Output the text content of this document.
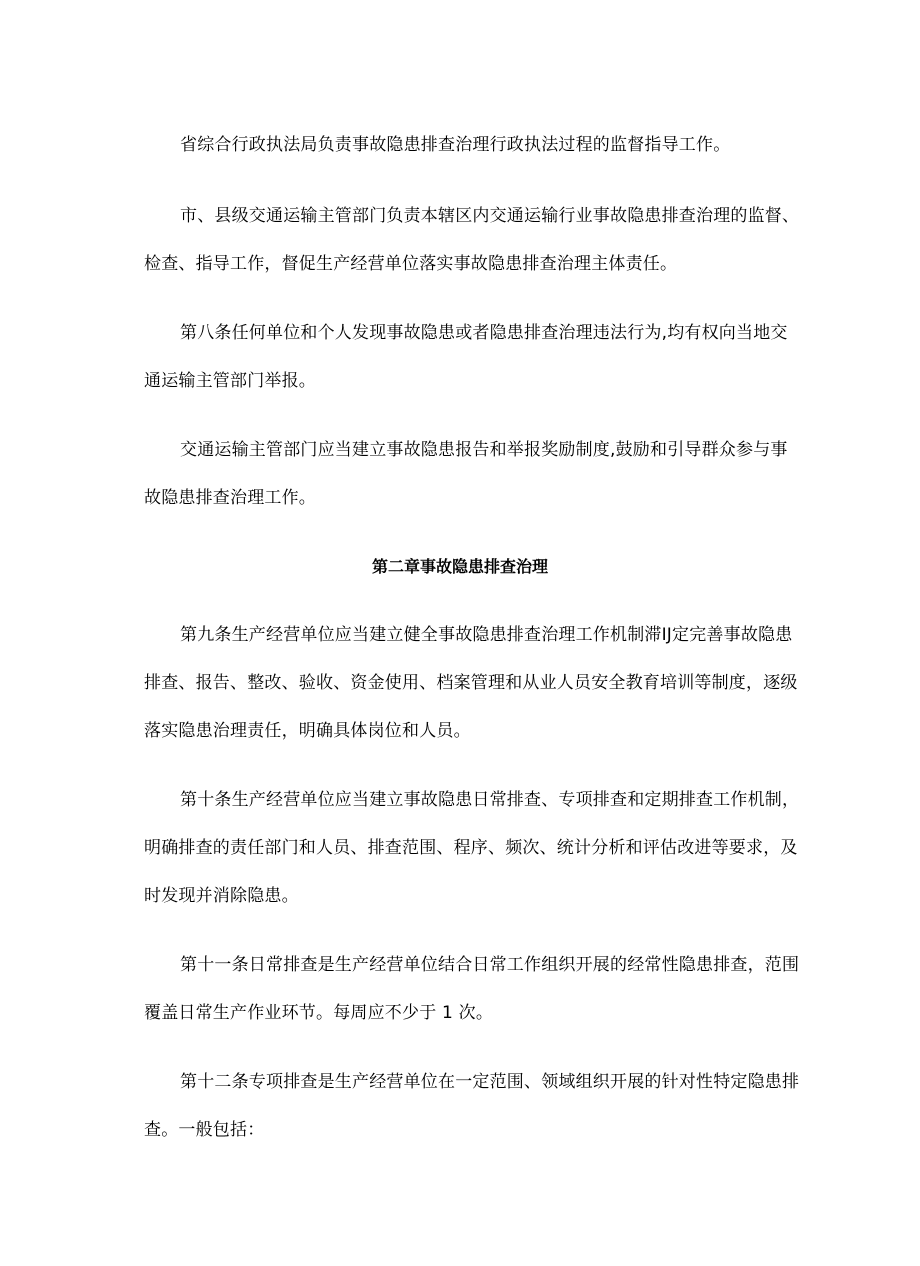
省综合行政执法局负责事故隐患排查治理行政执法过程的监督指导工作。
市、县级交通运输主管部门负责本辖区内交通运输行业事故隐患排查治理的监督、
检查、指导工作，督促生产经营单位落实事故隐患排查治理主体责任。
第八条任何单位和个人发现事故隐患或者隐患排查治理违法行为,均有权向当地交
通运输主管部门举报。
交通运输主管部门应当建立事故隐患报告和举报奖励制度,鼓励和引导群众参与事
故隐患排查治理工作。
第二章事故隐患排查治理
第九条生产经营单位应当建立健全事故隐患排查治理工作机制滞IJ定完善事故隐患
排查、报告、整改、验收、资金使用、档案管理和从业人员安全教育培训等制度，逐级
落实隐患治理责任，明确具体岗位和人员。
第十条生产经营单位应当建立事故隐患日常排查、专项排查和定期排查工作机制，
明确排查的责任部门和人员、排查范围、程序、频次、统计分析和评估改进等要求，及
时发现并消除隐患。
第十一条日常排查是生产经营单位结合日常工作组织开展的经常性隐患排查，范围
覆盖日常生产作业环节。每周应不少于 1 次。
第十二条专项排查是生产经营单位在一定范围、领域组织开展的针对性特定隐患排
查。一般包括：
